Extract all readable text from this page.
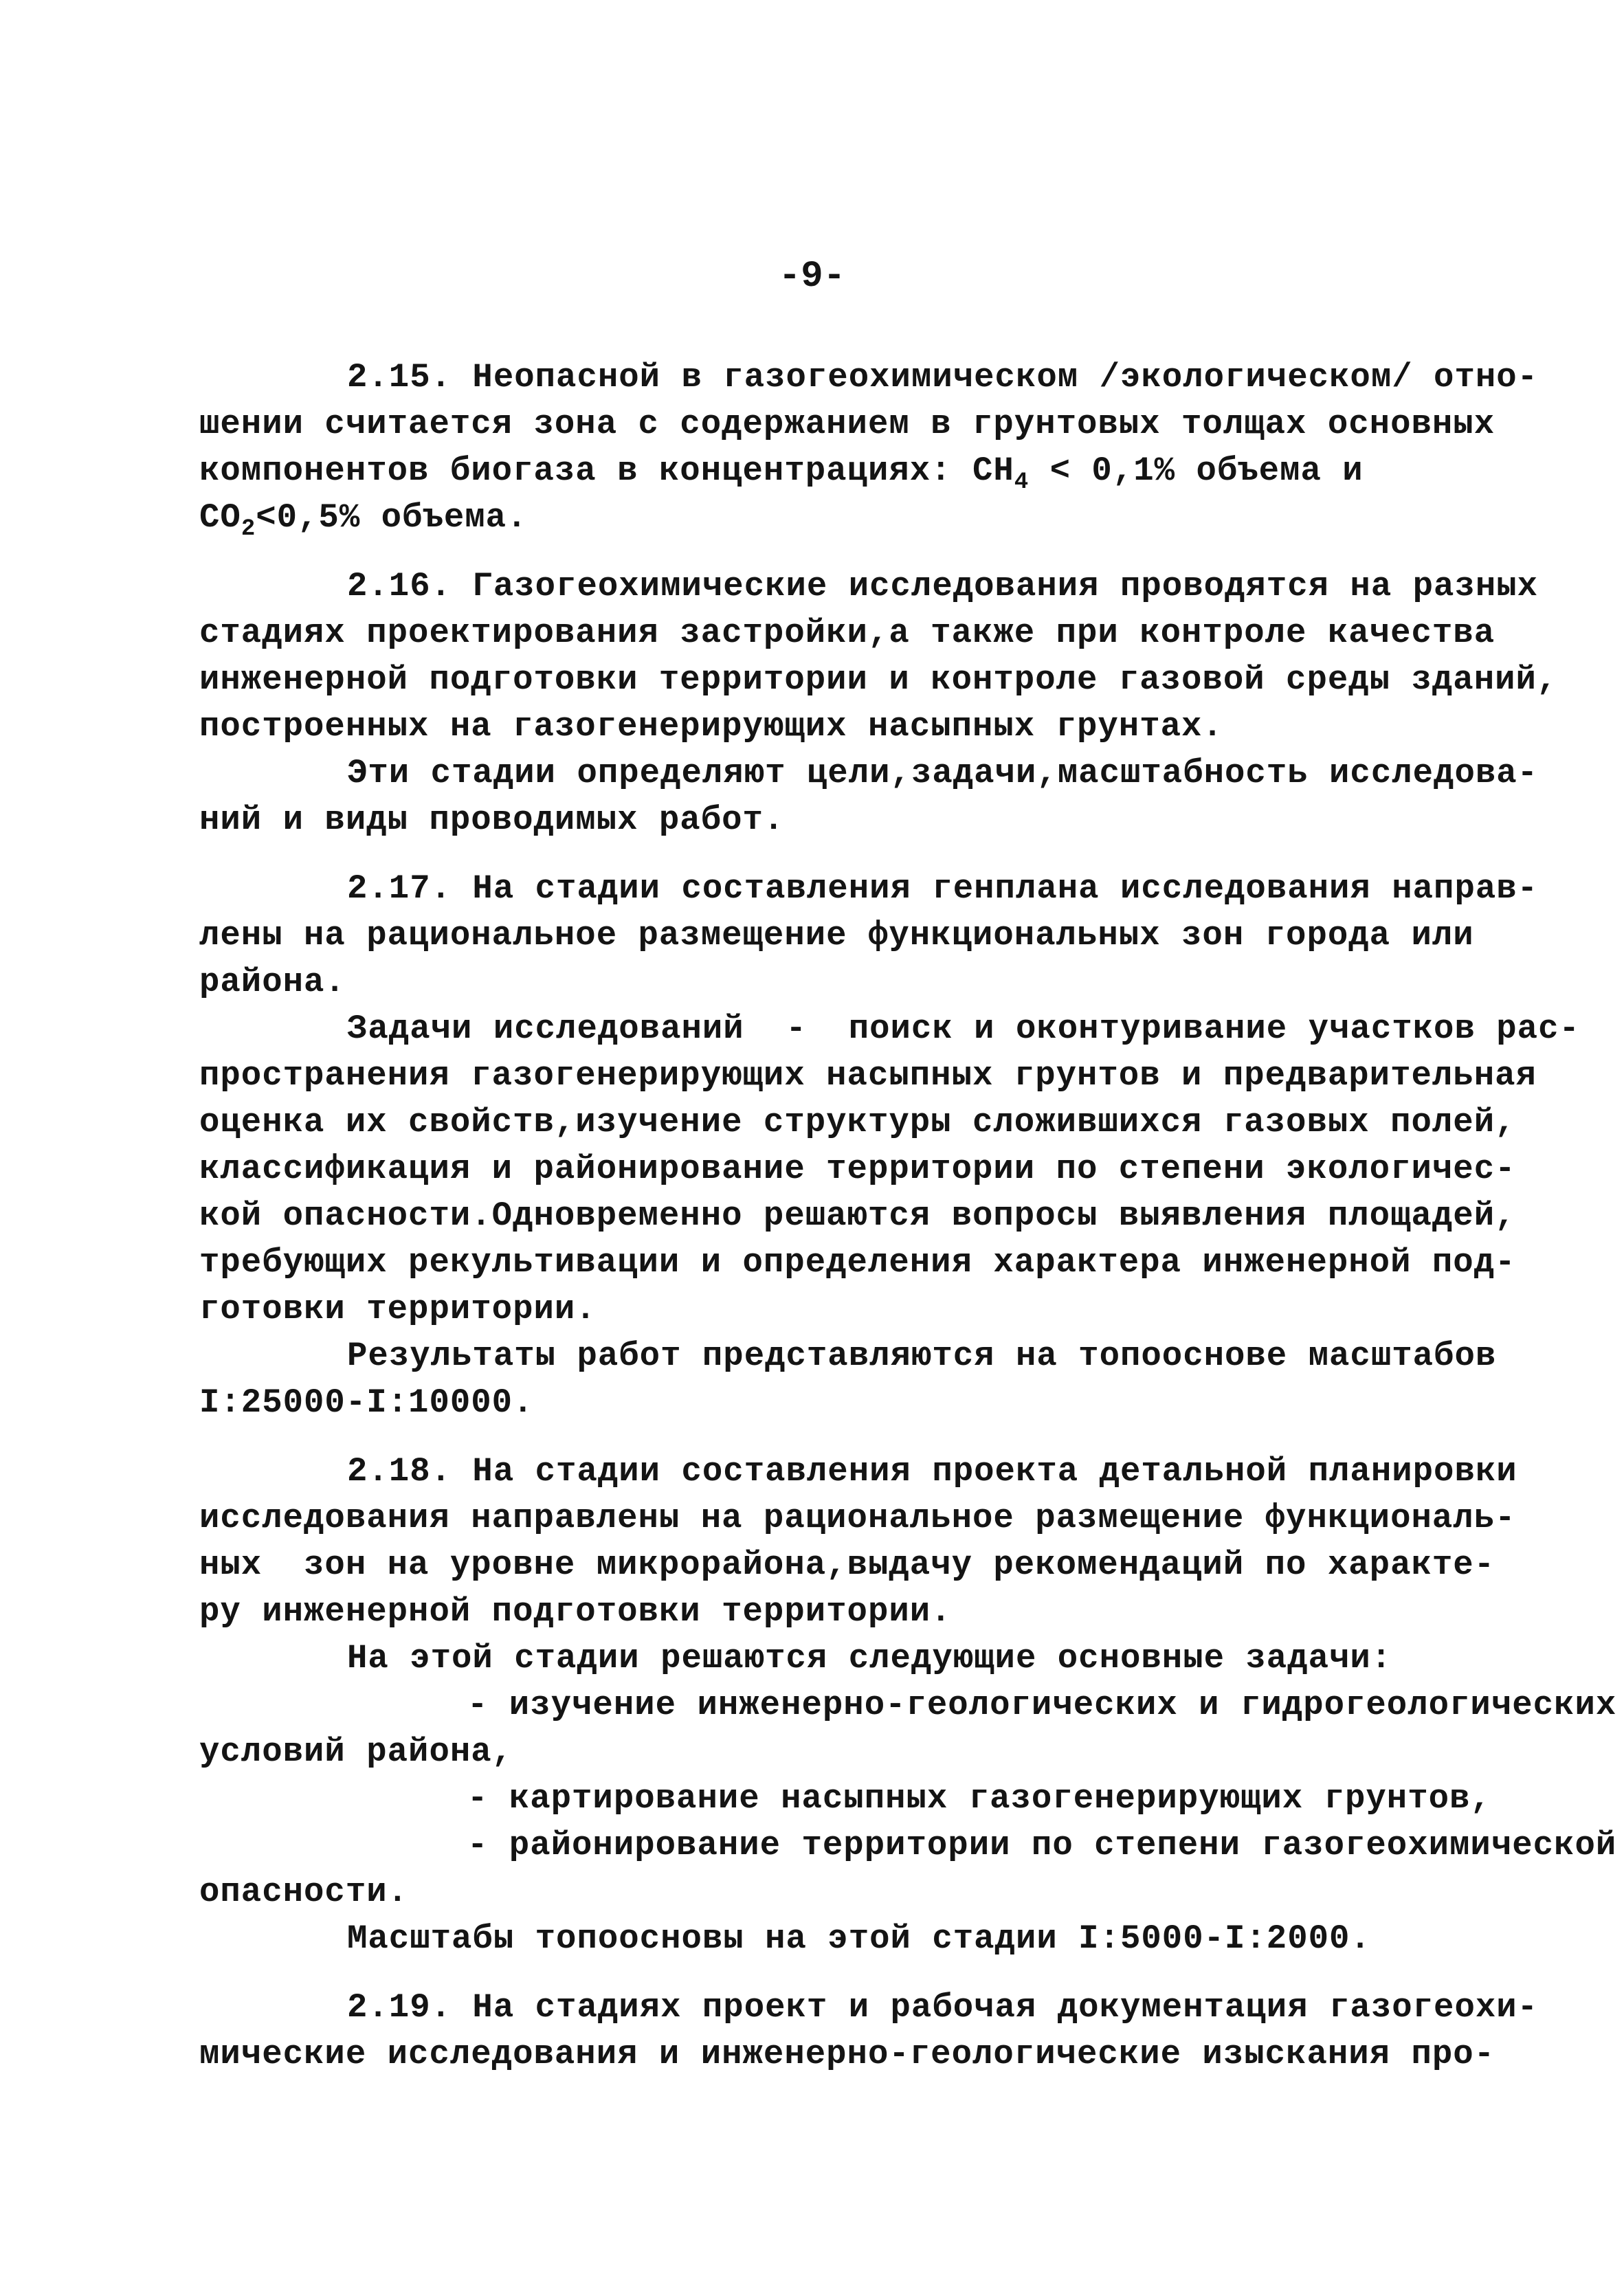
-9-
2.15. Неопасной в газогеохимическом /экологическом/ отно-
шении считается зона с содержанием в грунтовых толщах основных
компонентов биогаза в концентрациях: $CH_4 < 0,1\%$ объема и
$CO_2<0,5\%$ объема.
2.16. Газогеохимические исследования проводятся на разных
стадиях проектирования застройки,а также при контроле качества
инженерной подготовки территории и контроле газовой среды зданий,
построенных на газогенерирующих насыпных грунтах.
Эти стадии определяют цели,задачи,масштабность исследова-
ний и виды проводимых работ.
2.17. На стадии составления генплана исследования направ-
лены на рациональное размещение функциональных зон города или
района.
Задачи исследований  -  поиск и оконтуривание участков рас-
пространения газогенерирующих насыпных грунтов и предварительная
оценка их свойств,изучение структуры сложившихся газовых полей,
классификация и районирование территории по степени экологичес-
кой опасности.Одновременно решаются вопросы выявления площадей,
требующих рекультивации и определения характера инженерной под-
готовки территории.
Результаты работ представляются на топооснове масштабов
I:25000-I:10000.
2.18. На стадии составления проекта детальной планировки
исследования направлены на рациональное размещение функциональ-
ных  зон на уровне микрорайона,выдачу рекомендаций по характе-
ру инженерной подготовки территории.
На этой стадии решаются следующие основные задачи:
- изучение инженерно-геологических и гидрогеологических
условий района,
- картирование насыпных газогенерирующих грунтов,
- районирование территории по степени газогеохимической
опасности.
Масштабы топоосновы на этой стадии I:5000-I:2000.
2.19. На стадиях проект и рабочая документация газогеохи-
мические исследования и инженерно-геологические изыскания про-
